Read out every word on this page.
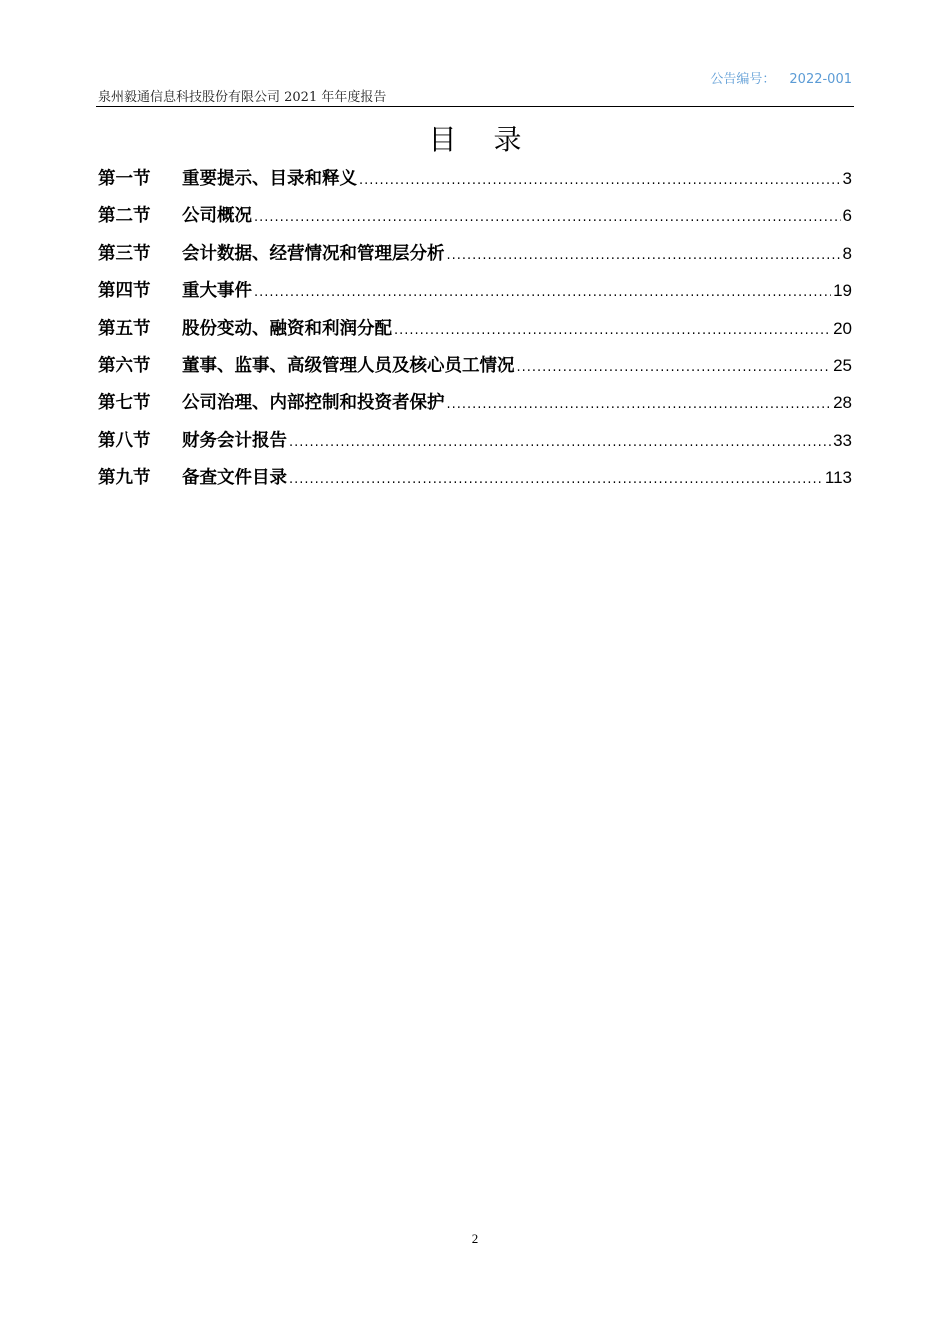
公告编号： 2022-001
泉州毅通信息科技股份有限公司 2021 年年度报告
目 录
第一节	重要提示、目录和释义 .....	3
第二节	公司概况 .....	6
第三节	会计数据、经营情况和管理层分析 .....	8
第四节	重大事件 .....	19
第五节	股份变动、融资和利润分配 .....	20
第六节	董事、监事、高级管理人员及核心员工情况 .....	25
第七节	公司治理、内部控制和投资者保护 .....	28
第八节	财务会计报告 .....	33
第九节	备查文件目录 .....	113
2
